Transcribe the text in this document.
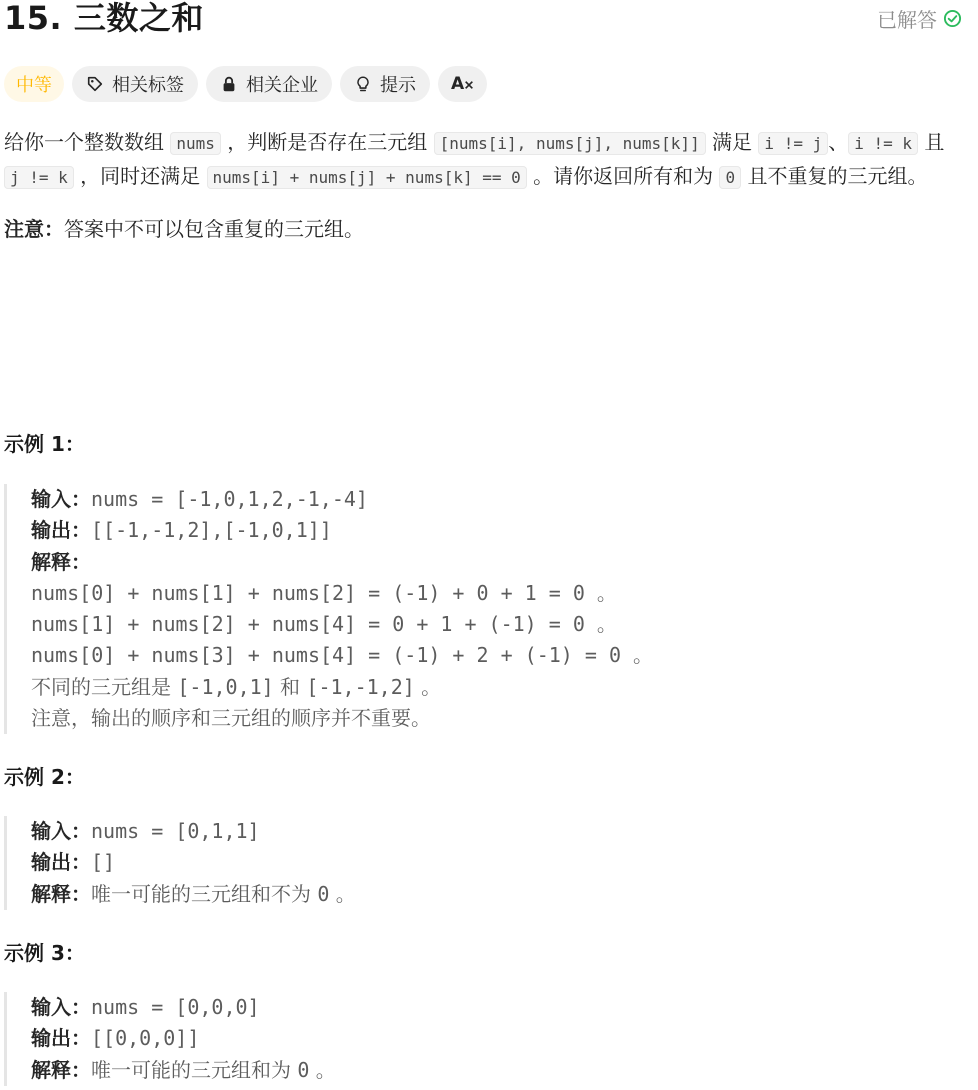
15. 三数之和	已解答
中等	相关标签	相关企业	提示 A

给你一个整数数组 nums ，判断是否存在三元组 [nums[i], nums[j], nums[k]] 满足 i != j 、 i != k 且 j != k ，同时还满足 nums[i] + nums[j] + nums[k] == 0 。请你返回所有和为 0 且不重复的三元组。

注意：答案中不可以包含重复的三元组。

示例 1：
输入：nums = [-1,0,1,2,-1,-4]
输出：[[-1,-1,2],[-1,0,1]]
解释：
nums[0] + nums[1] + nums[2] = (-1) + 0 + 1 = 0 。
nums[1] + nums[2] + nums[4] = 0 + 1 + (-1) = 0 。
nums[0] + nums[3] + nums[4] = (-1) + 2 + (-1) = 0 。
不同的三元组是 [-1,0,1] 和 [-1,-1,2] 。
注意，输出的顺序和三元组的顺序并不重要。
示例 2：
输入：nums = [0,1,1]
输出：[]
解释：唯一可能的三元组和不为 0 。
示例 3：
输入：nums = [0,0,0]
输出：[[0,0,0]]
解释：唯一可能的三元组和为 0 。
